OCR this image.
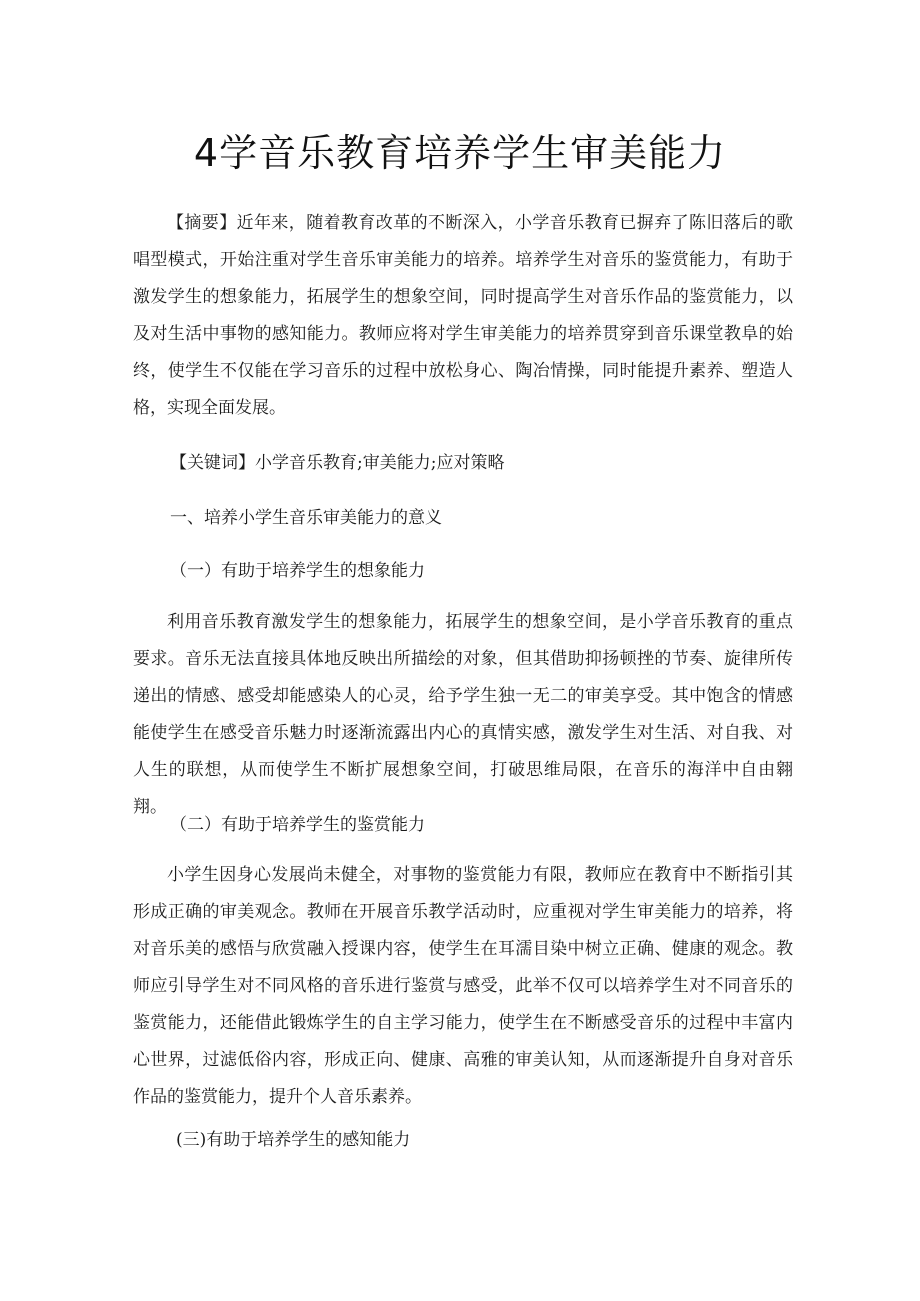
4学音乐教育培养学生审美能力

【摘要】近年来，随着教育改革的不断深入，小学音乐教育已摒弃了陈旧落后的歌唱型模式，开始注重对学生音乐审美能力的培养。培养学生对音乐的鉴赏能力，有助于激发学生的想象能力，拓展学生的想象空间，同时提高学生对音乐作品的鉴赏能力，以及对生活中事物的感知能力。教师应将对学生审美能力的培养贯穿到音乐课堂教阜的始终，使学生不仅能在学习音乐的过程中放松身心、陶冶情操，同时能提升素养、塑造人格，实现全面发展。

【关键词】小学音乐教育;审美能力;应对策略

一、培养小学生音乐审美能力的意义

（一）有助于培养学生的想象能力

利用音乐教育激发学生的想象能力，拓展学生的想象空间，是小学音乐教育的重点要求。音乐无法直接具体地反映出所描绘的对象，但其借助抑扬顿挫的节奏、旋律所传递出的情感、感受却能感染人的心灵，给予学生独一无二的审美享受。其中饱含的情感能使学生在感受音乐魅力时逐渐流露出内心的真情实感，激发学生对生活、对自我、对人生的联想，从而使学生不断扩展想象空间，打破思维局限，在音乐的海洋中自由翱翔。

（二）有助于培养学生的鉴赏能力

小学生因身心发展尚未健全，对事物的鉴赏能力有限，教师应在教育中不断指引其形成正确的审美观念。教师在开展音乐教学活动时，应重视对学生审美能力的培养，将对音乐美的感悟与欣赏融入授课内容，使学生在耳濡目染中树立正确、健康的观念。教师应引导学生对不同风格的音乐进行鉴赏与感受，此举不仅可以培养学生对不同音乐的鉴赏能力，还能借此锻炼学生的自主学习能力，使学生在不断感受音乐的过程中丰富内心世界，过滤低俗内容，形成正向、健康、高雅的审美认知，从而逐渐提升自身对音乐作品的鉴赏能力，提升个人音乐素养。

(三)有助于培养学生的感知能力
